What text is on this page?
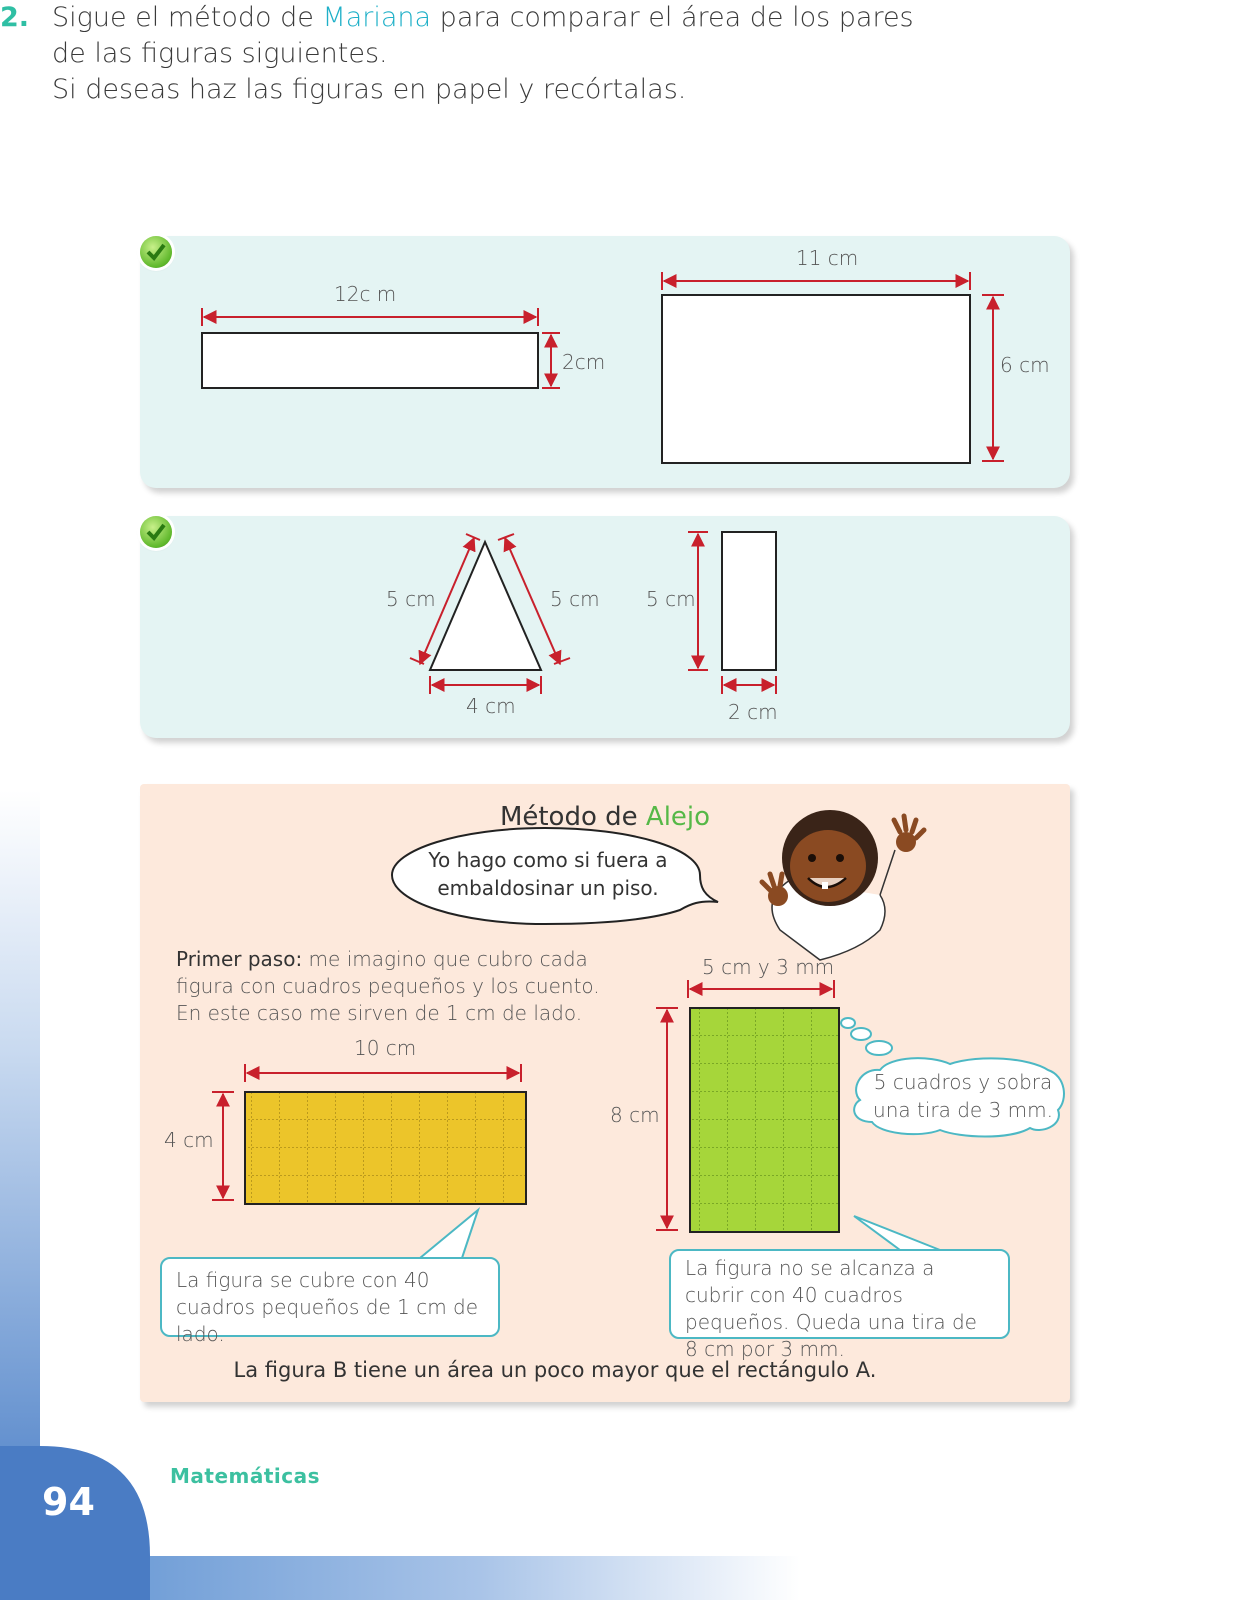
2. Sigue el método de Mariana para comparar el área de los pares
de las figuras siguientes.
Si deseas haz las figuras en papel y recórtalas.
12c m
2cm
11 cm
6 cm
5 cm	5 cm
4 cm
5 cm
2 cm
Método de Alejo
Yo hago como si fuera a
embaldosinar un piso.
Primer paso: me imagino que cubro cada figura con cuadros pequeños y los cuento. En este caso me sirven de 1 cm de lado.
10 cm
4 cm
5 cm y 3 mm
8 cm
5 cuadros y sobra
una tira de 3 mm.
La figura se cubre con 40 cuadros pequeños de 1 cm de lado.
La figura no se alcanza a cubrir con 40 cuadros pequeños. Queda una tira de 8 cm por 3 mm.
La figura B tiene un área un poco mayor que el rectángulo A.
Matemáticas
94
